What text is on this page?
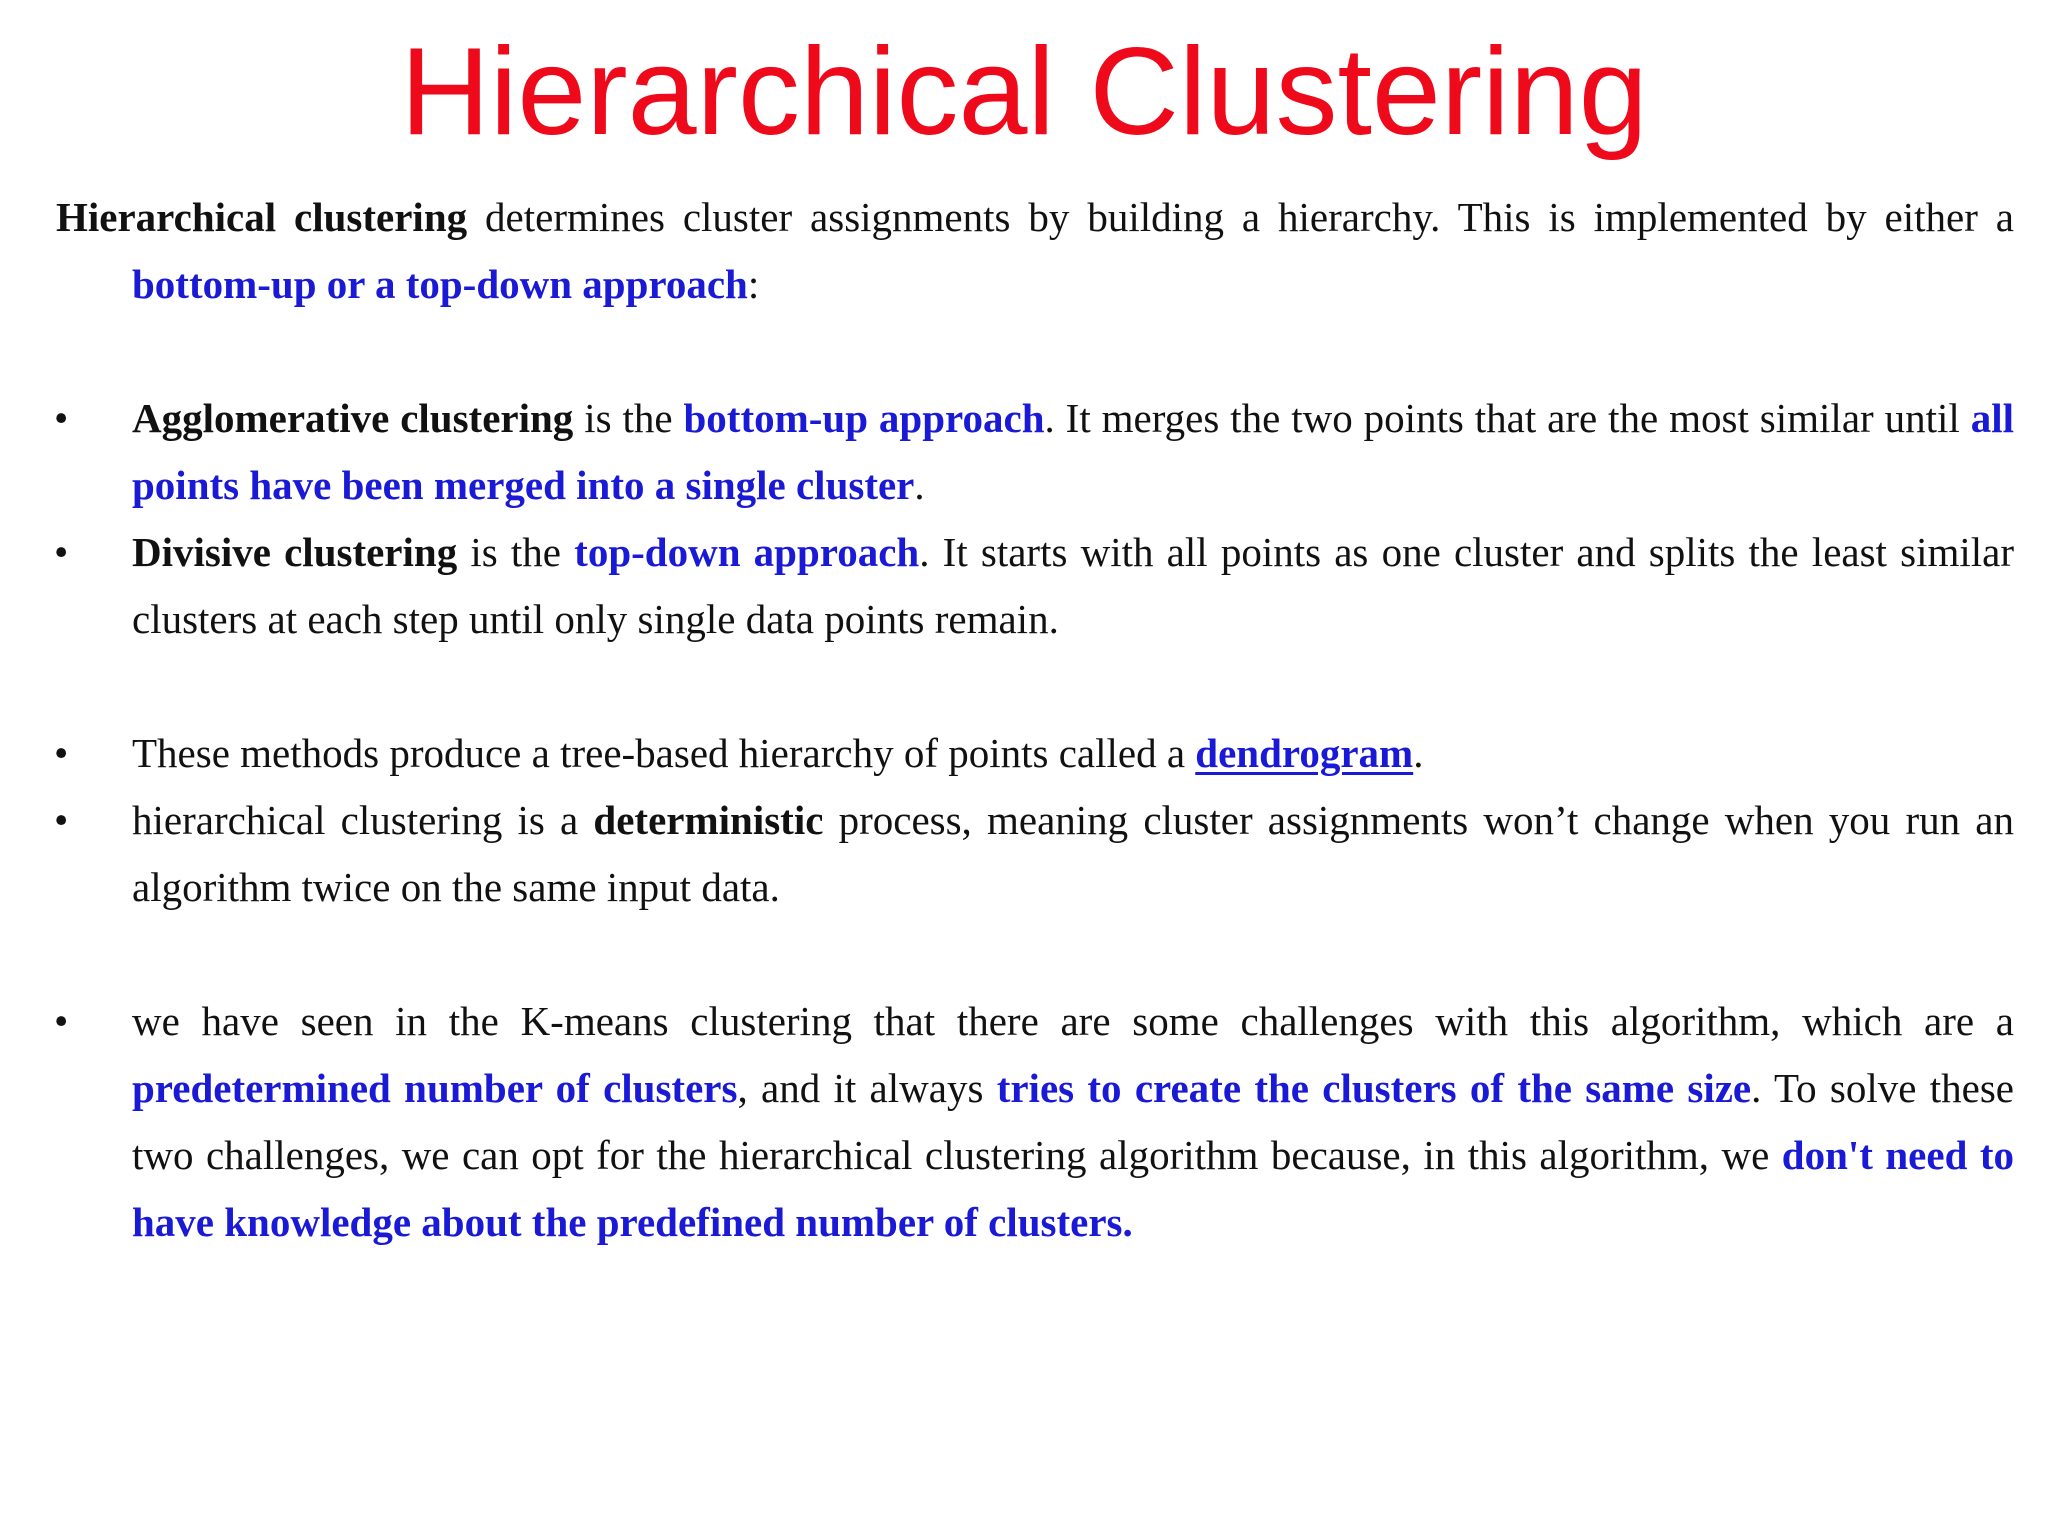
Hierarchical Clustering

Hierarchical clustering determines cluster assignments by building a hierarchy. This is implemented by either a bottom-up or a top-down approach:

•	Agglomerative clustering is the bottom-up approach. It merges the two points that are the most similar until all points have been merged into a single cluster.

•	Divisive clustering is the top-down approach. It starts with all points as one cluster and splits the least similar clusters at each step until only single data points remain.

•	These methods produce a tree-based hierarchy of points called a dendrogram.

•	hierarchical clustering is a deterministic process, meaning cluster assignments won’t change when you run an algorithm twice on the same input data.

•	we have seen in the K-means clustering that there are some challenges with this algorithm, which are a predetermined number of clusters, and it always tries to create the clusters of the same size. To solve these two challenges, we can opt for the hierarchical clustering algorithm because, in this algorithm, we don't need to have knowledge about the predefined number of clusters.
